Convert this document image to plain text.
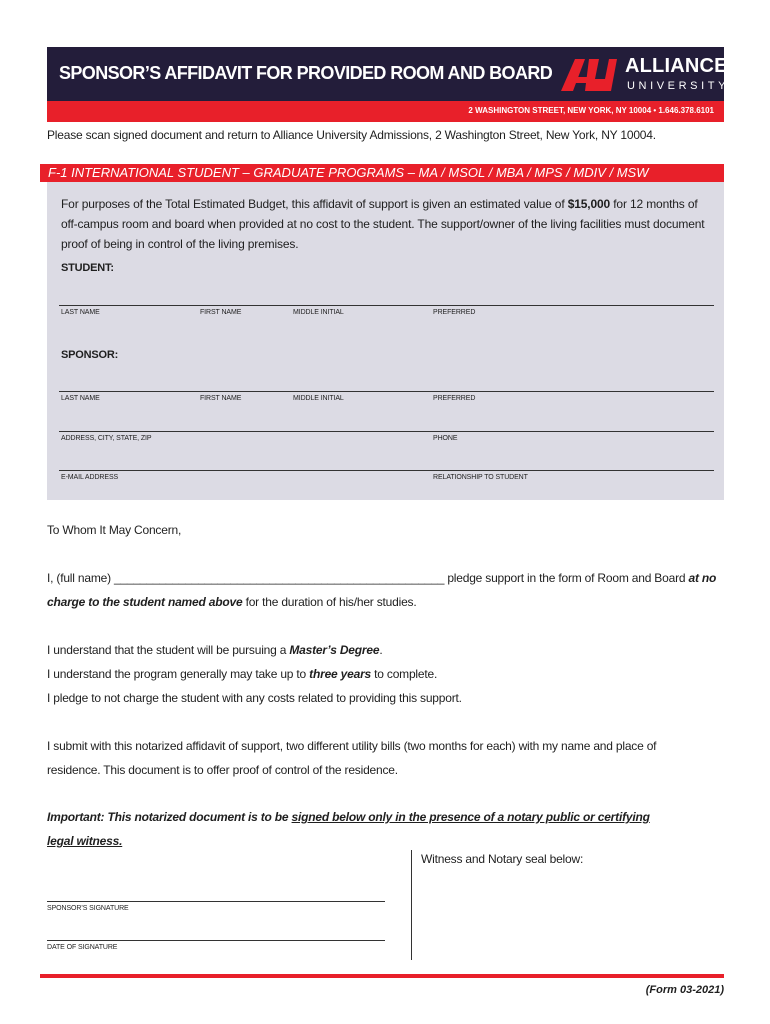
SPONSOR’S AFFIDAVIT FOR PROVIDED ROOM AND BOARD	ALLIANCE
UNIVERSITY
2 WASHINGTON STREET, NEW YORK, NY 10004 • 1.646.378.6101
Please scan signed document and return to Alliance University Admissions, 2 Washington Street, New York, NY 10004.
F-1 INTERNATIONAL STUDENT – GRADUATE PROGRAMS – MA / MSOL / MBA / MPS / MDIV / MSW
For purposes of the Total Estimated Budget, this affidavit of support is given an estimated value of $15,000 for 12 months of off-campus room and board when provided at no cost to the student. The support/owner of the living facilities must document proof of being in control of the living premises.
STUDENT:
LAST NAME	FIRST NAME	MIDDLE INITIAL	PREFERRED
SPONSOR:
LAST NAME	FIRST NAME	MIDDLE INITIAL	PREFERRED
ADDRESS, CITY, STATE, ZIP	PHONE
E-MAIL ADDRESS	RELATIONSHIP TO STUDENT
To Whom It May Concern,
I, (full name) ___________________________________________________ pledge support in the form of Room and Board at no
charge to the student named above for the duration of his/her studies.
I understand that the student will be pursuing a Master’s Degree.
I understand the program generally may take up to three years to complete.
I pledge to not charge the student with any costs related to providing this support.
I submit with this notarized affidavit of support, two different utility bills (two months for each) with my name and place of
residence. This document is to offer proof of control of the residence.
Important: This notarized document is to be signed below only in the presence of a notary public or certifying
legal witness.
SPONSOR’S SIGNATURE
DATE OF SIGNATURE
Witness and Notary seal below:
(Form 03-2021)
